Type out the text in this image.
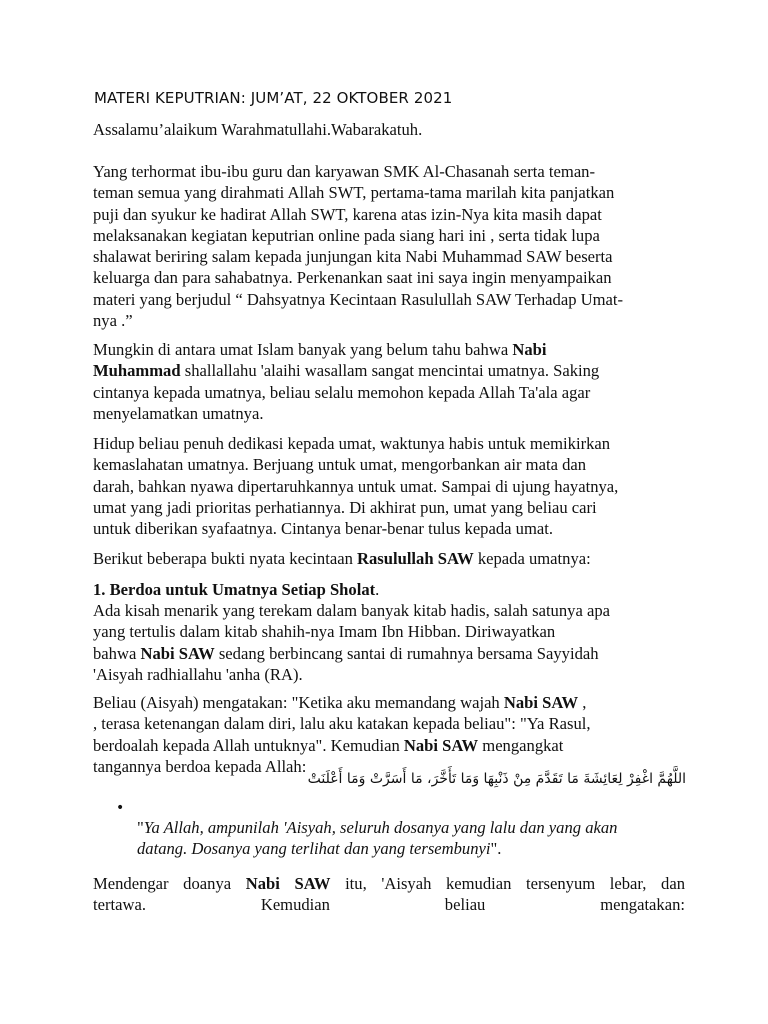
MATERI KEPUTRIAN: JUM’AT, 22 OKTOBER 2021

Assalamu’alaikum Warahmatullahi.Wabarakatuh.

Yang terhormat ibu-ibu guru dan karyawan SMK Al-Chasanah serta teman-
teman semua yang dirahmati Allah SWT, pertama-tama marilah kita panjatkan
puji dan syukur ke hadirat Allah SWT, karena atas izin-Nya kita masih dapat
melaksanakan kegiatan keputrian online pada siang hari ini , serta tidak lupa
shalawat beriring salam kepada junjungan kita Nabi Muhammad SAW beserta
keluarga dan para sahabatnya. Perkenankan saat ini saya ingin menyampaikan
materi yang berjudul “ Dahsyatnya Kecintaan Rasulullah SAW Terhadap Umat-
nya .”

Mungkin di antara umat Islam banyak yang belum tahu bahwa Nabi
Muhammad shallallahu 'alaihi wasallam sangat mencintai umatnya. Saking
cintanya kepada umatnya, beliau selalu memohon kepada Allah Ta'ala agar
menyelamatkan umatnya.

Hidup beliau penuh dedikasi kepada umat, waktunya habis untuk memikirkan
kemaslahatan umatnya. Berjuang untuk umat, mengorbankan air mata dan
darah, bahkan nyawa dipertaruhkannya untuk umat. Sampai di ujung hayatnya,
umat yang jadi prioritas perhatiannya. Di akhirat pun, umat yang beliau cari
untuk diberikan syafaatnya. Cintanya benar-benar tulus kepada umat.

Berikut beberapa bukti nyata kecintaan Rasulullah SAW kepada umatnya:

1. Berdoa untuk Umatnya Setiap Sholat.

Ada kisah menarik yang terekam dalam banyak kitab hadis, salah satunya apa
yang tertulis dalam kitab shahih-nya Imam Ibn Hibban. Diriwayatkan
bahwa Nabi SAW sedang berbincang santai di rumahnya bersama Sayyidah
'Aisyah radhiallahu 'anha (RA).

Beliau (Aisyah) mengatakan: "Ketika aku memandang wajah Nabi SAW ,
, terasa ketenangan dalam diri, lalu aku katakan kepada beliau": "Ya Rasul,
berdoalah kepada Allah untuknya". Kemudian Nabi SAW mengangkat
tangannya berdoa kepada Allah:

اللَّهُمَّ اغْفِرْ لِعَائِشَةَ مَا تَقَدَّمَ مِنْ ذَنْبِهَا وَمَا تَأَخَّرَ، مَا أَسَرَّتْ وَمَا أَعْلَنَتْ
•

"Ya Allah, ampunilah 'Aisyah, seluruh dosanya yang lalu dan yang akan
datang. Dosanya yang terlihat dan yang tersembunyi".

Mendengar doanya Nabi SAW itu, 'Aisyah kemudian tersenyum lebar, dan
tertawa. Kemudian beliau mengatakan:
